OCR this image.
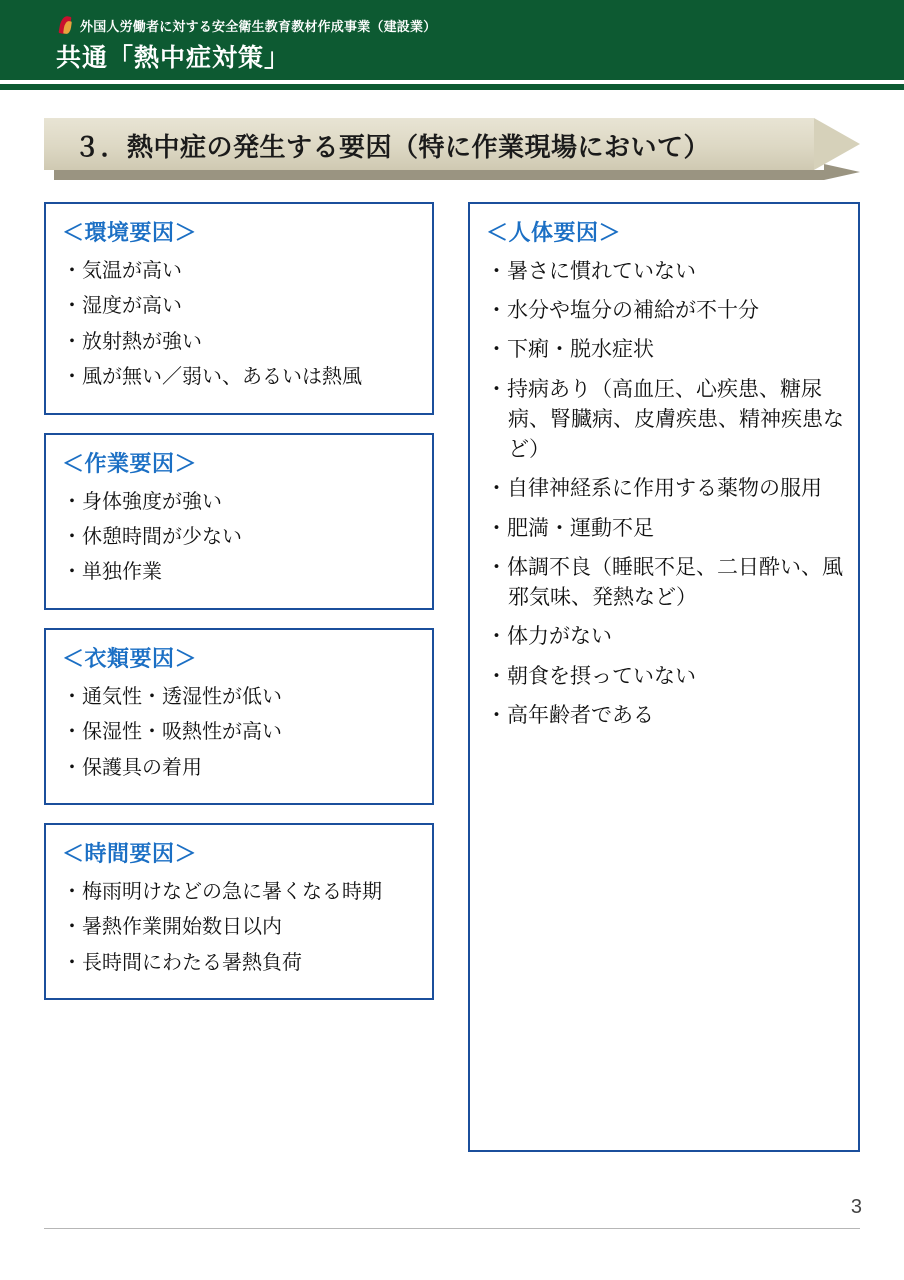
外国人労働者に対する安全衛生教育教材作成事業（建設業）
共通「熱中症対策」
３．熱中症の発生する要因（特に作業現場において）
＜環境要因＞
・ 気温が高い
・ 湿度が高い
・ 放射熱が強い
・ 風が無い／弱い、あるいは熱風
＜作業要因＞
・ 身体強度が強い
・ 休憩時間が少ない
・ 単独作業
＜衣類要因＞
・ 通気性・透湿性が低い
・ 保湿性・吸熱性が高い
・ 保護具の着用
＜時間要因＞
・ 梅雨明けなどの急に暑くなる時期
・ 暑熱作業開始数日以内
・ 長時間にわたる暑熱負荷
＜人体要因＞
・ 暑さに慣れていない
・ 水分や塩分の補給が不十分
・ 下痢・脱水症状
・ 持病あり（高血圧、心疾患、糖尿病、腎臓病、皮膚疾患、精神疾患など）
・ 自律神経系に作用する薬物の服用
・ 肥満・運動不足
・ 体調不良（睡眠不足、二日酔い、風邪気味、発熱など）
・ 体力がない
・ 朝食を摂っていない
・ 高年齢者である
3
